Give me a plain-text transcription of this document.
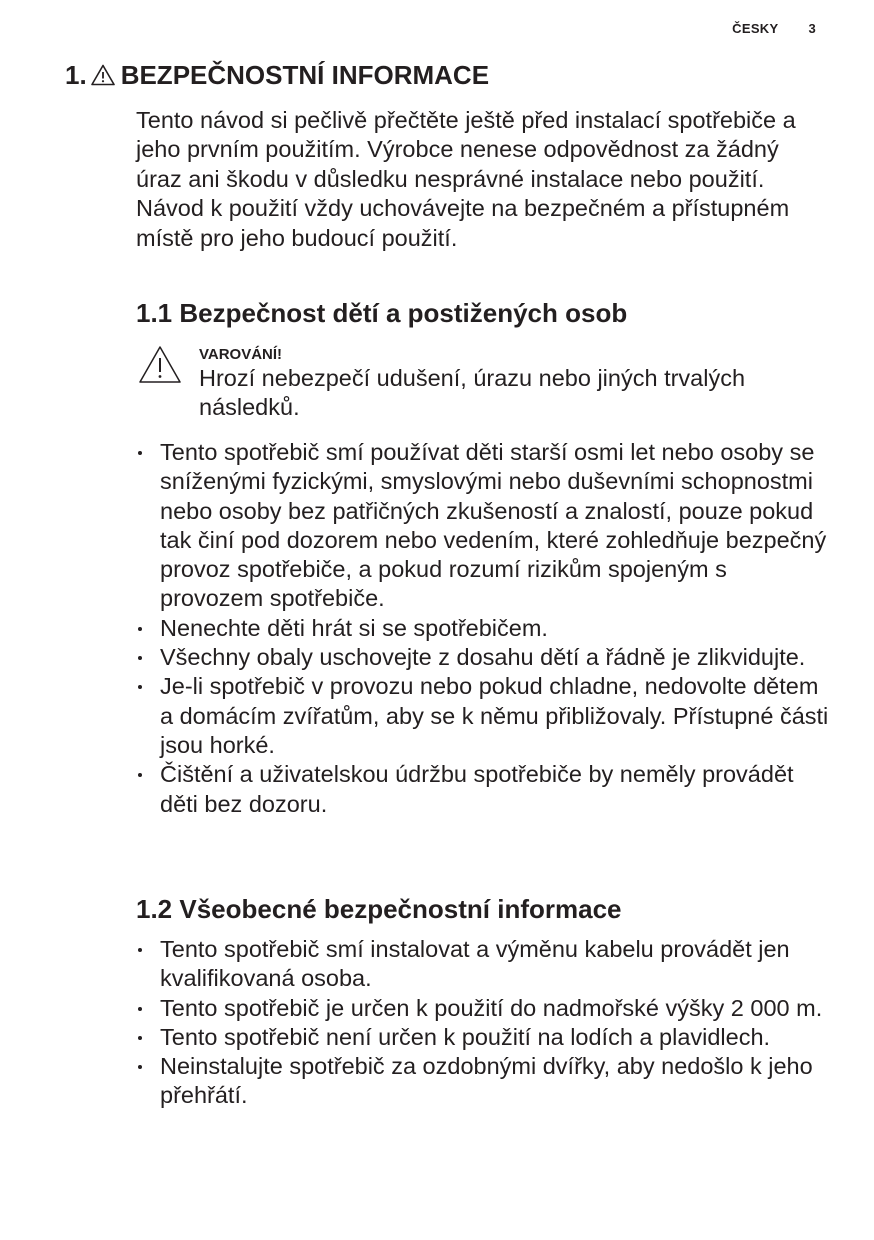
ČESKY 3
1. BEZPEČNOSTNÍ INFORMACE

Tento návod si pečlivě přečtěte ještě před instalací spotřebiče a jeho prvním použitím. Výrobce nenese odpovědnost za žádný úraz ani škodu v důsledku nesprávné instalace nebo použití. Návod k použití vždy uchovávejte na bezpečném a přístupném místě pro jeho budoucí použití.

1.1 Bezpečnost dětí a postižených osob
VAROVÁNÍ!

Hrozí nebezpečí udušení, úrazu nebo jiných trvalých následků.

Tento spotřebič smí používat děti starší osmi let nebo osoby se sníženými fyzickými, smyslovými nebo duševními schopnostmi nebo osoby bez patřičných zkušeností a znalostí, pouze pokud tak činí pod dozorem nebo vedením, které zohledňuje bezpečný provoz spotřebiče, a pokud rozumí rizikům spojeným s provozem spotřebiče.
Nenechte děti hrát si se spotřebičem.
Všechny obaly uschovejte z dosahu dětí a řádně je zlikvidujte.
Je-li spotřebič v provozu nebo pokud chladne, nedovolte dětem a domácím zvířatům, aby se k němu přibližovaly. Přístupné části jsou horké.
Čištění a uživatelskou údržbu spotřebiče by neměly provádět děti bez dozoru.
1.2 Všeobecné bezpečnostní informace
Tento spotřebič smí instalovat a výměnu kabelu provádět jen kvalifikovaná osoba.
Tento spotřebič je určen k použití do nadmořské výšky 2 000 m.
Tento spotřebič není určen k použití na lodích a plavidlech.
Neinstalujte spotřebič za ozdobnými dvířky, aby nedošlo k jeho přehřátí.
